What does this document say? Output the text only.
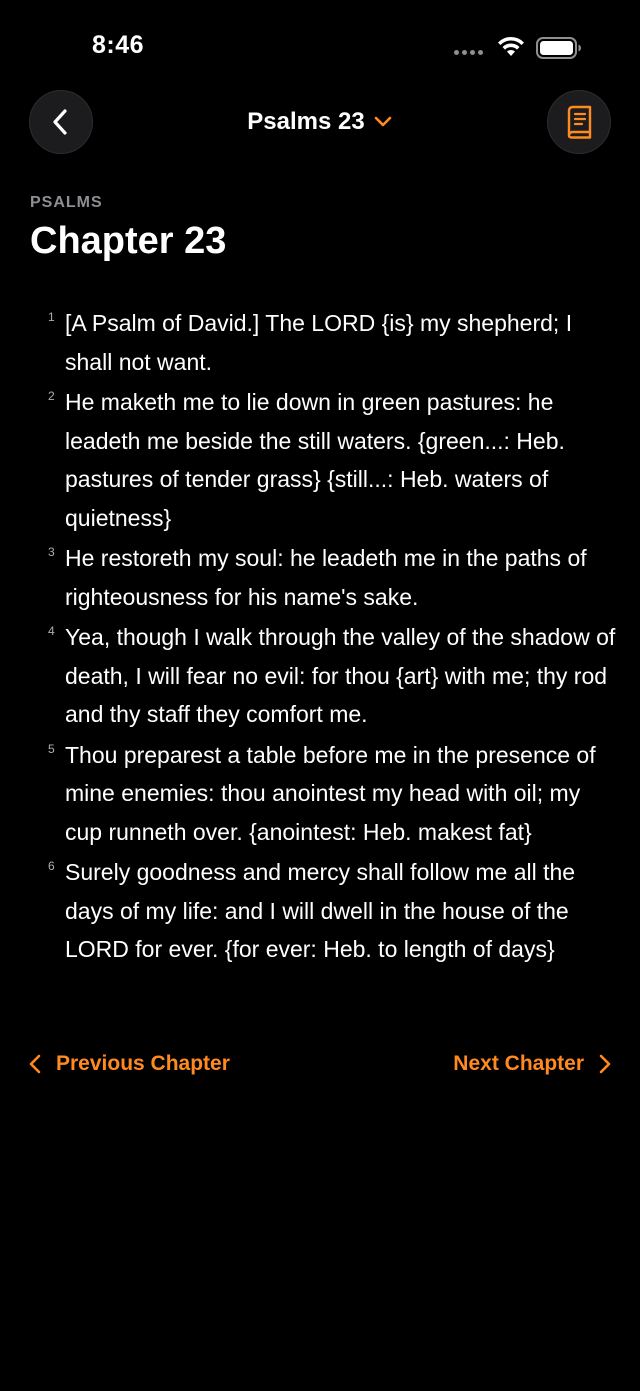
8:46
Psalms 23
PSALMS
Chapter 23
1 [A Psalm of David.] The LORD {is} my shepherd; I shall not want.
2 He maketh me to lie down in green pastures: he leadeth me beside the still waters. {green...: Heb. pastures of tender grass} {still...: Heb. waters of quietness}
3 He restoreth my soul: he leadeth me in the paths of righteousness for his name's sake.
4 Yea, though I walk through the valley of the shadow of death, I will fear no evil: for thou {art} with me; thy rod and thy staff they comfort me.
5 Thou preparest a table before me in the presence of mine enemies: thou anointest my head with oil; my cup runneth over. {anointest: Heb. makest fat}
6 Surely goodness and mercy shall follow me all the days of my life: and I will dwell in the house of the LORD for ever. {for ever: Heb. to length of days}
Previous Chapter	Next Chapter
